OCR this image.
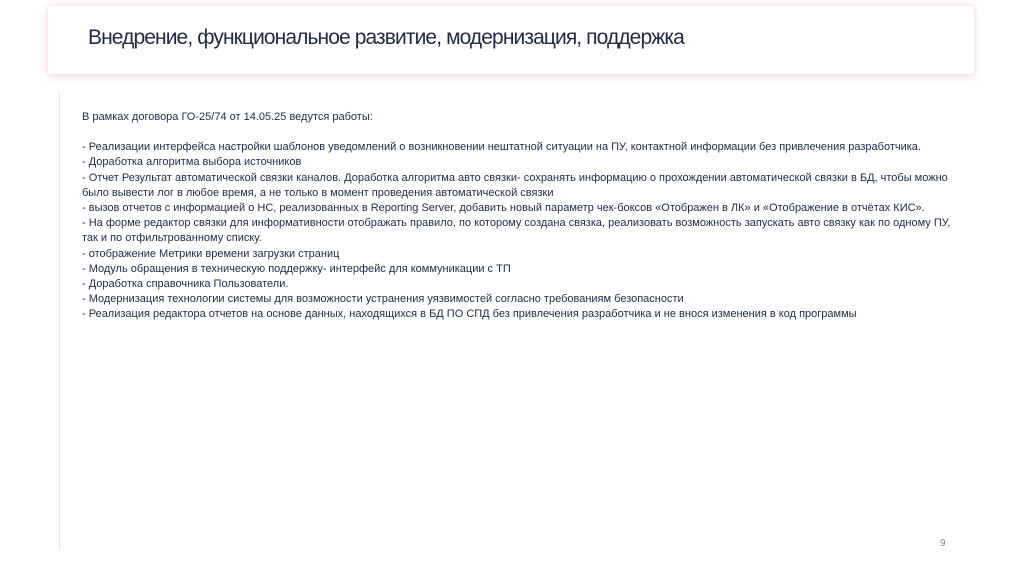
Внедрение, функциональное развитие, модернизация, поддержка

В рамках договора ГО-25/74 от 14.05.25 ведутся работы:

- Реализации интерфейса настройки шаблонов уведомлений о возникновении нештатной ситуации на ПУ, контактной информации без привлечения разработчика.

- Доработка алгоритма выбора источников

- Отчет Результат автоматической связки каналов. Доработка алгоритма авто связки- сохранять информацию о прохождении автоматической связки в БД, чтобы можно было вывести лог в любое время, а не только в момент проведения автоматической связки

- вызов отчетов с информацией о НС, реализованных в Reporting Server, добавить новый параметр чек-боксов «Отображен в ЛК» и «Отображение в отчётах КИС».

- На форме редактор связки для информативности отображать правило, по которому создана связка, реализовать возможность запускать авто связку как по одному ПУ, так и по отфильтрованному списку.

- отображение Метрики времени загрузки страниц

- Модуль обращения в техническую поддержку- интерфейс для коммуникации с ТП

- Доработка справочника Пользователи.

- Модернизация технологии системы для возможности устранения уязвимостей согласно требованиям безопасности

- Реализация редактора отчетов на основе данных, находящихся в БД ПО СПД без привлечения разработчика и не внося изменения в код программы

9
